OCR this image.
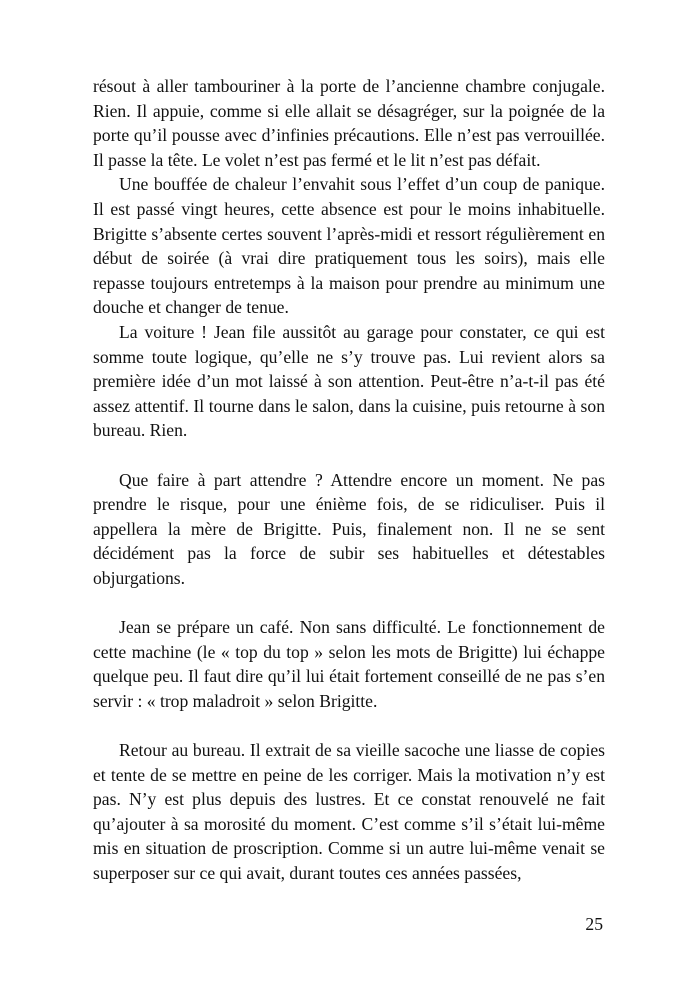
résout à aller tambouriner à la porte de l’ancienne chambre conjugale. Rien. Il appuie, comme si elle allait se désagréger, sur la poignée de la porte qu’il pousse avec d’infinies précautions. Elle n’est pas verrouillée. Il passe la tête. Le volet n’est pas fermé et le lit n’est pas défait.

Une bouffée de chaleur l’envahit sous l’effet d’un coup de panique. Il est passé vingt heures, cette absence est pour le moins inhabituelle. Brigitte s’absente certes souvent l’après-midi et ressort régulièrement en début de soirée (à vrai dire pratiquement tous les soirs), mais elle repasse toujours entretemps à la maison pour prendre au minimum une douche et changer de tenue.

La voiture ! Jean file aussitôt au garage pour constater, ce qui est somme toute logique, qu’elle ne s’y trouve pas. Lui revient alors sa première idée d’un mot laissé à son attention. Peut-être n’a-t-il pas été assez attentif. Il tourne dans le salon, dans la cuisine, puis retourne à son bureau. Rien.

Que faire à part attendre ? Attendre encore un moment. Ne pas prendre le risque, pour une énième fois, de se ridiculiser. Puis il appellera la mère de Brigitte. Puis, finalement non. Il ne se sent décidément pas la force de subir ses habituelles et détestables objurgations.

Jean se prépare un café. Non sans difficulté. Le fonctionnement de cette machine (le « top du top » selon les mots de Brigitte) lui échappe quelque peu. Il faut dire qu’il lui était fortement conseillé de ne pas s’en servir : « trop maladroit » selon Brigitte.

Retour au bureau. Il extrait de sa vieille sacoche une liasse de copies et tente de se mettre en peine de les corriger. Mais la motivation n’y est pas. N’y est plus depuis des lustres. Et ce constat renouvelé ne fait qu’ajouter à sa morosité du moment. C’est comme s’il s’était lui-même mis en situation de proscription. Comme si un autre lui-même venait se superposer sur ce qui avait, durant toutes ces années passées,

25
